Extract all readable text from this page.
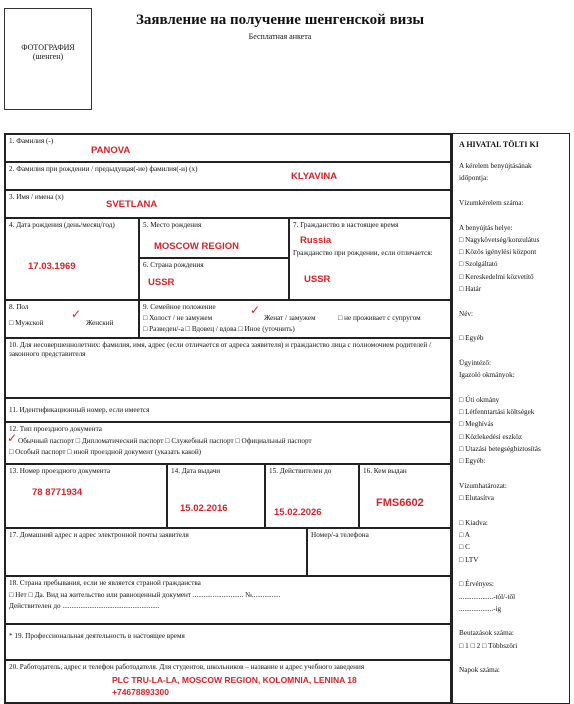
ФОТОГРАФИЯ
(шенген)
Заявление на получение шенгенской визы
Бесплатная анкета
1. Фамилия (-)
PANOVA
2. Фамилия при рождении / предыдущая(-ие) фамилия(-и) (x)
KLYAVINA
3. Имя / имена (x)
SVETLANA
4. Дата рождения (день/месяц/год)
17.03.1969
5. Место рождения
MOSCOW REGION
6. Страна рождения
USSR
7. Гражданство в настоящее время
Russia
Гражданство при рождении, если отличается:
USSR
8. Пол
□ Мужской
✓
Женский
9. Семейное положение
□ Холост / не замужем
✓
Женат / замужем	□ не проживает с супругом
□ Разведен/-а □ Вдовец / вдова □ Иное (уточнить)
10. Для несовершеннолетних: фамилия, имя, адрес (если отличается от адреса заявителя) и гражданство лица с полномочием родителей / законного представителя
11. Идентификационный номер, если имеется
12. Тип проездного документа
✓ Обычный паспорт □ Дипломатический паспорт □ Служебный паспорт □ Официальный паспорт
□ Особый паспорт □ иной проездной документ (указать какой)
13. Номер проездного документа
78 8771934
14. Дата выдачи
15.02.2016
15. Действителен до
15.02.2026
16. Кем выдан
FMS6602
17. Домашний адрес и адрес электронной почты заявителя	Номер/-а телефона
18. Страна пребывания, если не является страной гражданства
□ Нет □ Да. Вид на жительство или равноценный документ ............................ №................
Действителен до ......................................................
* 19. Профессиональная деятельность в настоящее время
20. Работодатель, адрес и телефон работодателя. Для студентов, школьников – название и адрес учебного заведения
PLC TRU-LA-LA, MOSCOW REGION, KOLOMNIA, LENINA 18
+74678893300
A HIVATAL TÖLTI KI
A kérelem benyújtásának
időpontja:
Vízumkérelem száma:
A benyújtás helye:
□ Nagykövetség/konzulátus
□ Közös igénylési központ
□ Szolgáltató
□ Kereskedelmi közvetítő
□ Határ
Név:
□ Egyéb
Ügyintéző:
Igazoló okmányok:
□ Úti okmány
□ Létfenntartási költségek
□ Meghívás
□ Közlekedési eszköz
□ Utazási betegségbiztosítás
□ Egyéb:
Vízumhatározat:
□ Elutasítva
□ Kiadva:
□ A
□ C
□ LTV
□ Érvényes:
...................-tól/-től
...................-ig
Beutazások száma:
□ 1 □ 2 □ Többszöri
Napok száma:
